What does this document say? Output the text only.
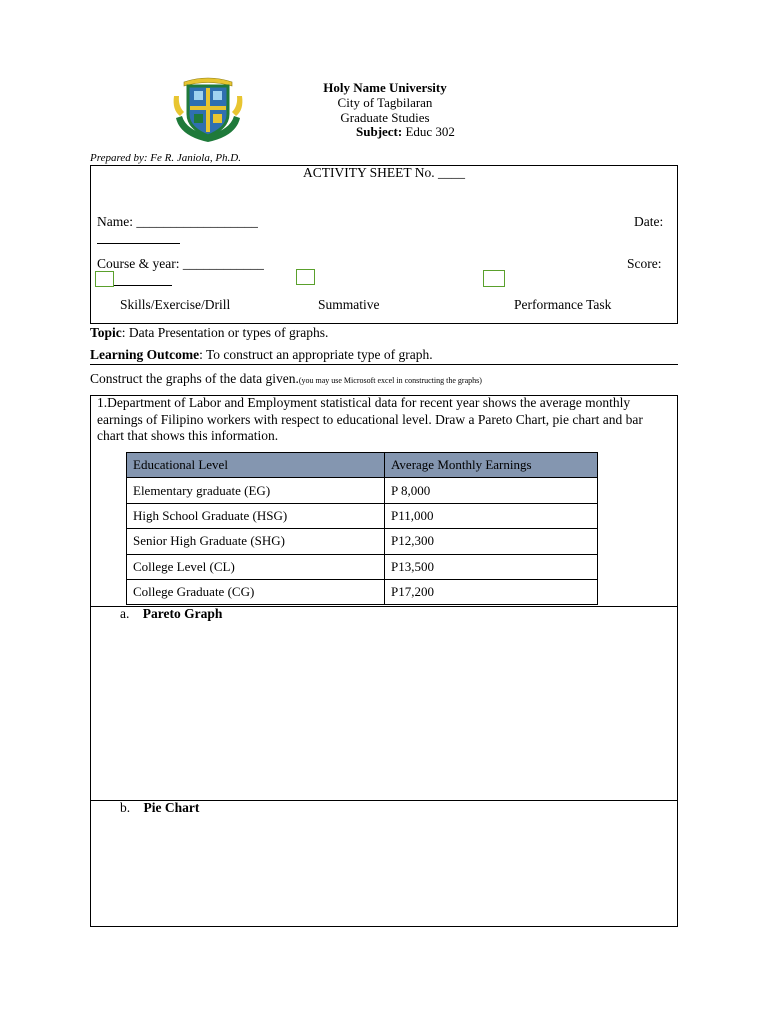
Holy Name University
City of Tagbilaran
Graduate Studies
Subject: Educ 302
Prepared by: Fe R. Janiola, Ph.D.
ACTIVITY SHEET No. ____
Name: __________________	Date:
Course & year: ____________	Score:
Skills/Exercise/Drill	Summative	Performance Task
Topic: Data Presentation or types of graphs.
Learning Outcome: To construct an appropriate type of graph.
Construct the graphs of the data given.(you may use Microsoft excel in constructing the graphs)
1.Department of Labor and Employment statistical data for recent year shows the average monthly earnings of Filipino workers with respect to educational level. Draw a Pareto Chart, pie chart and bar chart that shows this information.
Educational Level	Average Monthly Earnings
Elementary graduate (EG)	P 8,000
High School Graduate (HSG)	P11,000
Senior High Graduate (SHG)	P12,300
College Level (CL)	P13,500
College Graduate (CG)	P17,200
a. Pareto Graph
b. Pie Chart
